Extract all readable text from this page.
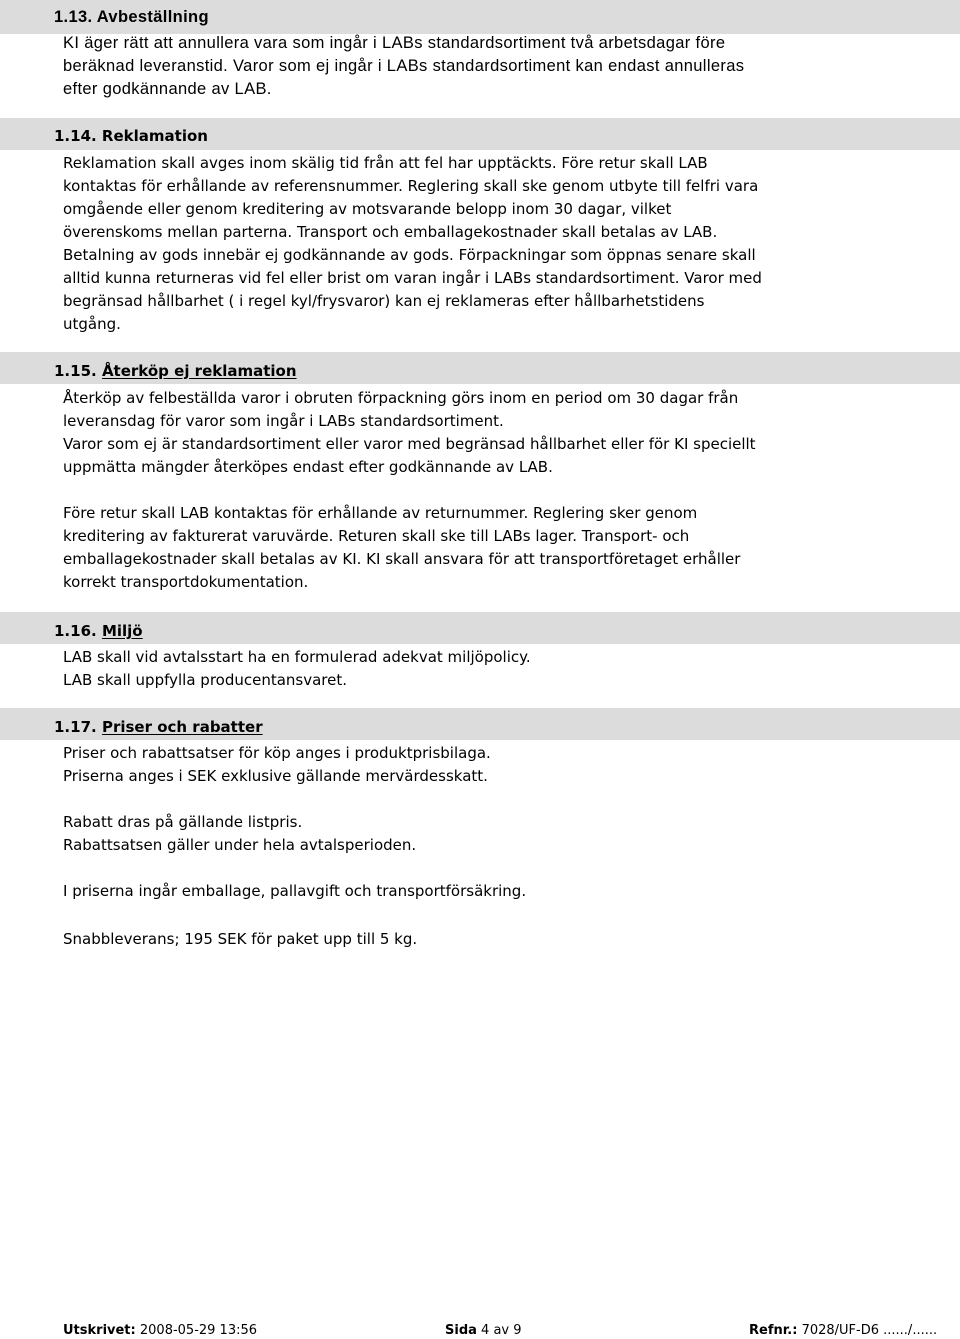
1.13. Avbeställning

KI äger rätt att annullera vara som ingår i LABs standardsortiment två arbetsdagar före

beräknad leveranstid. Varor som ej ingår i LABs standardsortiment kan endast annulleras

efter godkännande av LAB.

1.14. Reklamation

Reklamation skall avges inom skälig tid från att fel har upptäckts. Före retur skall LAB

kontaktas för erhållande av referensnummer. Reglering skall ske genom utbyte till felfri vara

omgående eller genom kreditering av motsvarande belopp inom 30 dagar, vilket

överenskoms mellan parterna. Transport och emballagekostnader skall betalas av LAB.

Betalning av gods innebär ej godkännande av gods. Förpackningar som öppnas senare skall

alltid kunna returneras vid fel eller brist om varan ingår i LABs standardsortiment. Varor med

begränsad hållbarhet ( i regel kyl/frysvaror) kan ej reklameras efter hållbarhetstidens

utgång.

1.15. Återköp ej reklamation

Återköp av felbeställda varor i obruten förpackning görs inom en period om 30 dagar från

leveransdag för varor som ingår i LABs standardsortiment.

Varor som ej är standardsortiment eller varor med begränsad hållbarhet eller för KI speciellt

uppmätta mängder återköpes endast efter godkännande av LAB.

Före retur skall LAB kontaktas för erhållande av returnummer. Reglering sker genom

kreditering av fakturerat varuvärde. Returen skall ske till LABs lager. Transport- och

emballagekostnader skall betalas av KI. KI skall ansvara för att transportföretaget erhåller

korrekt transportdokumentation.

1.16. Miljö

LAB skall vid avtalsstart ha en formulerad adekvat miljöpolicy.

LAB skall uppfylla producentansvaret.

1.17. Priser och rabatter

Priser och rabattsatser för köp anges i produktprisbilaga.

Priserna anges i SEK exklusive gällande mervärdesskatt.

Rabatt dras på gällande listpris.

Rabattsatsen gäller under hela avtalsperioden.

I priserna ingår emballage, pallavgift och transportförsäkring.

Snabbleverans; 195 SEK för paket upp till 5 kg.

Utskrivet: 2008-05-29 13:56	Sida 4 av 9	Refnr.: 7028/UF-D6 ....../......
